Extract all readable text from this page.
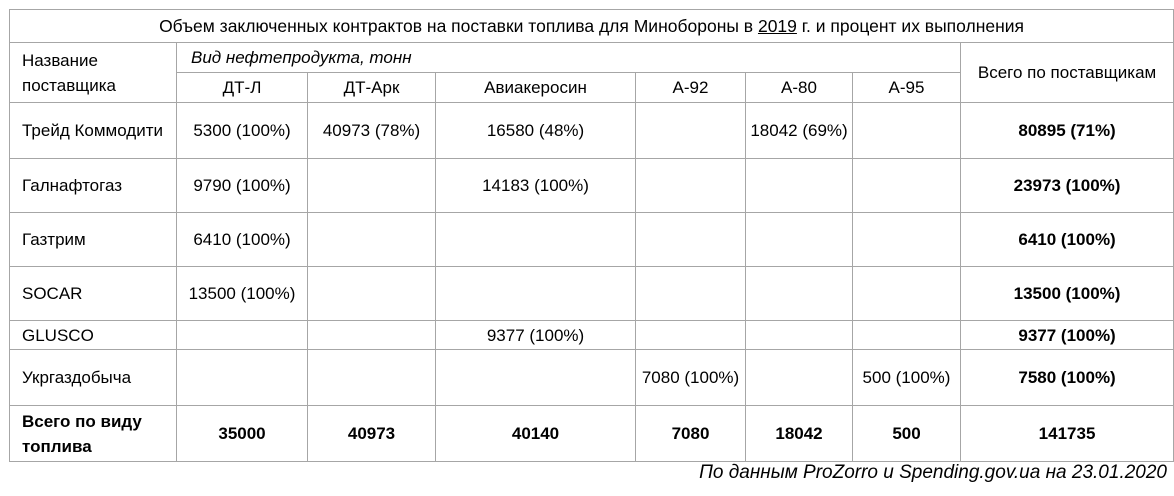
Объем заключенных контрактов на поставки топлива для Минобороны в 2019 г. и процент их выполнения							
Название поставщика	Вид нефтепродукта, тонн						Всего по поставщикам
	ДТ-Л	ДТ-Арк	Авиакеросин	А-92	А-80	А-95	
Трейд Коммодити	5300 (100%)	40973 (78%)	16580 (48%)		18042 (69%)		80895 (71%)
Галнафтогаз	9790 (100%)		14183 (100%)				23973 (100%)
Газтрим	6410 (100%)						6410 (100%)
SOCAR	13500 (100%)						13500 (100%)
GLUSCO			9377 (100%)				9377 (100%)
Укргаздобыча				7080 (100%)		500 (100%)	7580 (100%)
Всего по виду топлива	35000	40973	40140	7080	18042	500	141735
По данным ProZorro и Spending.gov.ua на 23.01.2020
